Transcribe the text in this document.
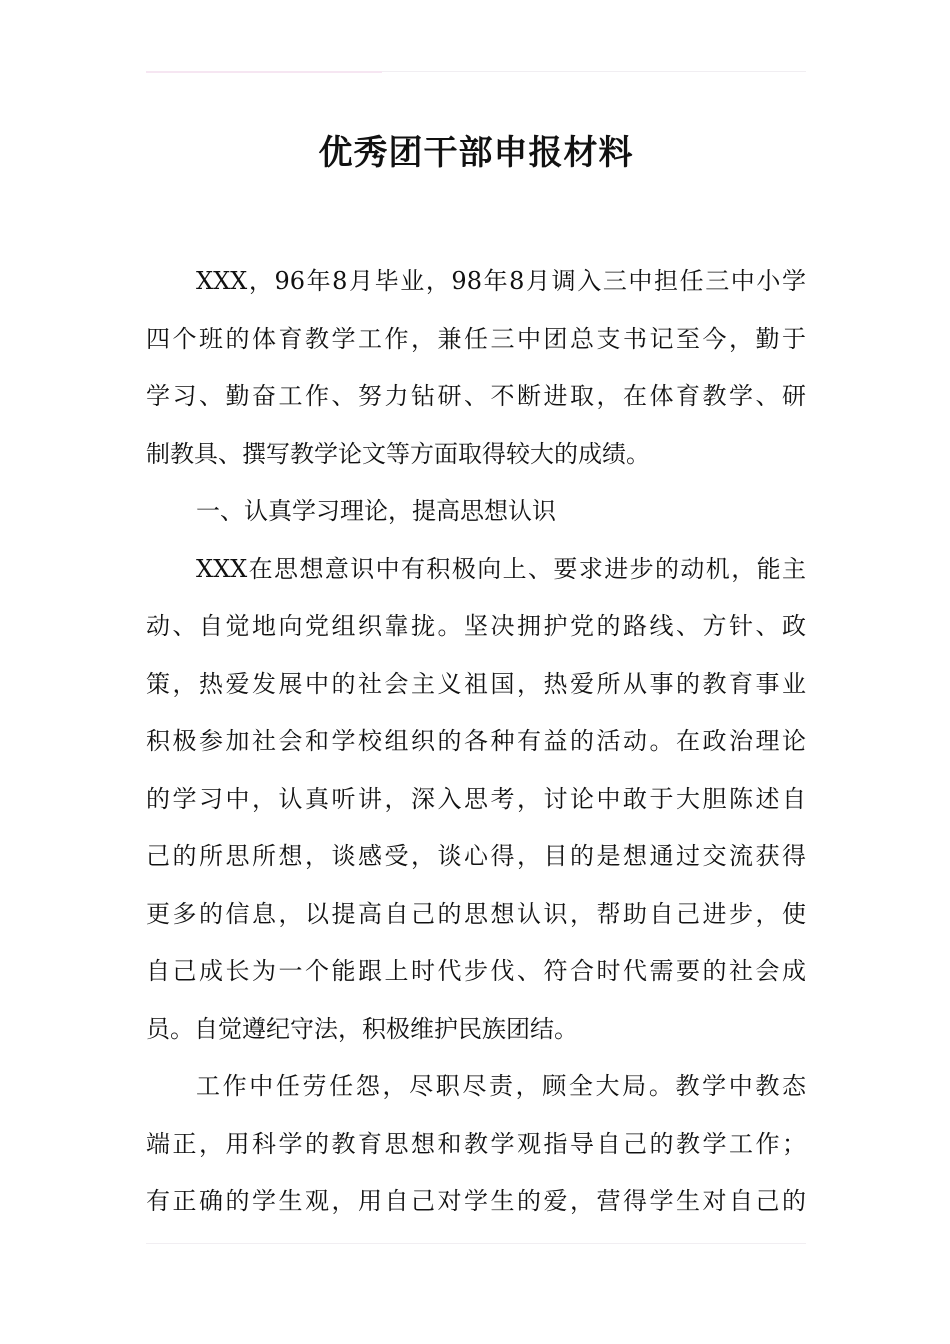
优秀团干部申报材料
XXX，96年8月毕业，98年8月调入三中担任三中小学
四个班的体育教学工作，兼任三中团总支书记至今，勤于
学习、勤奋工作、努力钻研、不断进取，在体育教学、研
制教具、撰写教学论文等方面取得较大的成绩。
一、认真学习理论，提高思想认识
XXX在思想意识中有积极向上、要求进步的动机，能主
动、自觉地向党组织靠拢。坚决拥护党的路线、方针、政
策，热爱发展中的社会主义祖国，热爱所从事的教育事业
积极参加社会和学校组织的各种有益的活动。在政治理论
的学习中，认真听讲，深入思考，讨论中敢于大胆陈述自
己的所思所想，谈感受，谈心得，目的是想通过交流获得
更多的信息，以提高自己的思想认识，帮助自己进步，使
自己成长为一个能跟上时代步伐、符合时代需要的社会成
员。自觉遵纪守法，积极维护民族团结。
工作中任劳任怨，尽职尽责，顾全大局。教学中教态
端正，用科学的教育思想和教学观指导自己的教学工作；
有正确的学生观，用自己对学生的爱，营得学生对自己的
